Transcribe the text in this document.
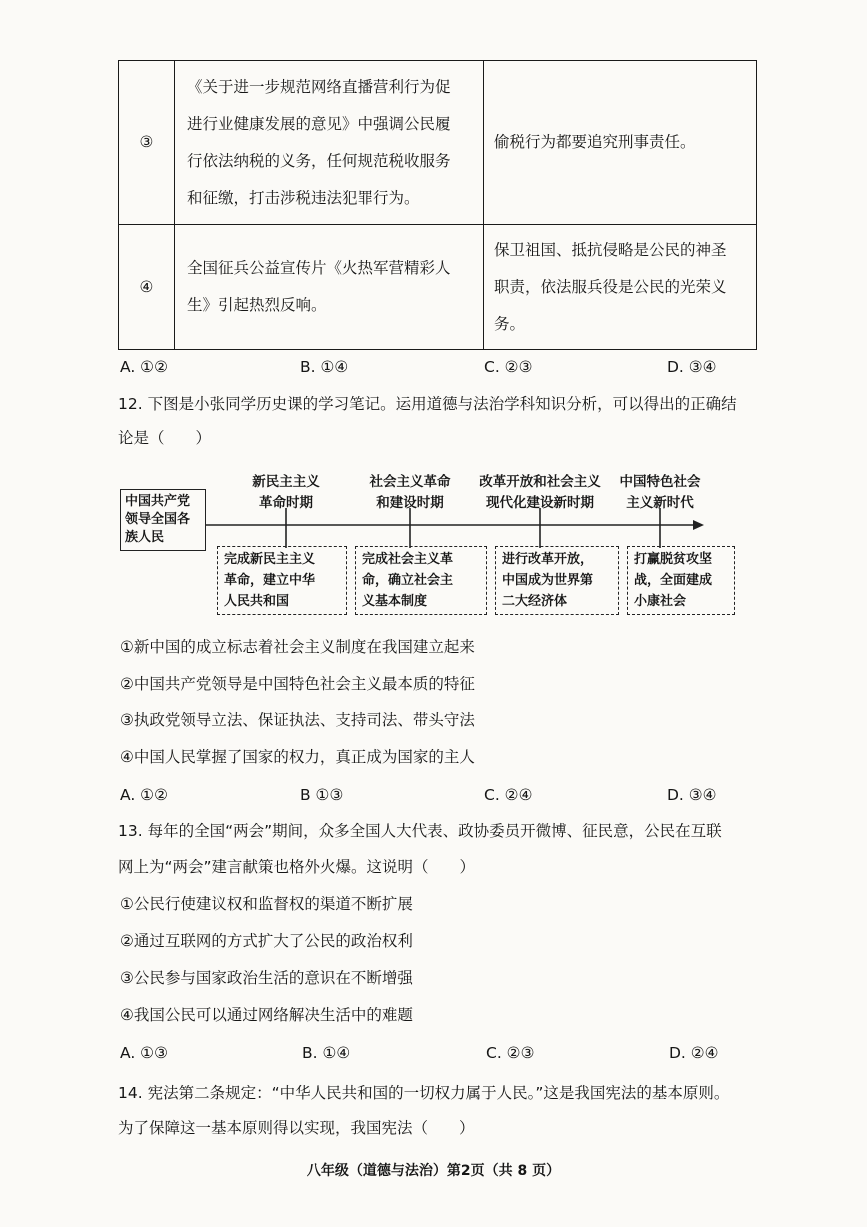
③	《关于进一步规范网络直播营利行为促
进行业健康发展的意见》中强调公民履
行依法纳税的义务，任何规范税收服务
和征缴，打击涉税违法犯罪行为。	偷税行为都要追究刑事责任。

④	全国征兵公益宣传片《火热军营精彩人
生》引起热烈反响。	保卫祖国、抵抗侵略是公民的神圣
职责，依法服兵役是公民的光荣义
务。
A. ①②	B. ①④	C. ②③	D. ③④
12. 下图是小张同学历史课的学习笔记。运用道德与法治学科知识分析，可以得出的正确结
论是（　　）
中国共产党
领导全国各
族人民
新民主主义
革命时期
社会主义革命
和建设时期
改革开放和社会主义
现代化建设新时期
中国特色社会
主义新时代
完成新民主主义
革命，建立中华
人民共和国
完成社会主义革
命，确立社会主
义基本制度
进行改革开放，
中国成为世界第
二大经济体
打赢脱贫攻坚
战，全面建成
小康社会
①新中国的成立标志着社会主义制度在我国建立起来
②中国共产党领导是中国特色社会主义最本质的特征
③执政党领导立法、保证执法、支持司法、带头守法
④中国人民掌握了国家的权力，真正成为国家的主人
A. ①②	B ①③	C. ②④	D. ③④
13. 每年的全国“两会”期间，众多全国人大代表、政协委员开微博、征民意，公民在互联
网上为“两会”建言献策也格外火爆。这说明（　　）
①公民行使建议权和监督权的渠道不断扩展
②通过互联网的方式扩大了公民的政治权利
③公民参与国家政治生活的意识在不断增强
④我国公民可以通过网络解决生活中的难题
A. ①③	B. ①④	C. ②③	D. ②④
14. 宪法第二条规定：“中华人民共和国的一切权力属于人民。”这是我国宪法的基本原则。
为了保障这一基本原则得以实现，我国宪法（　　）
八年级（道德与法治）第2页（共 8 页）
